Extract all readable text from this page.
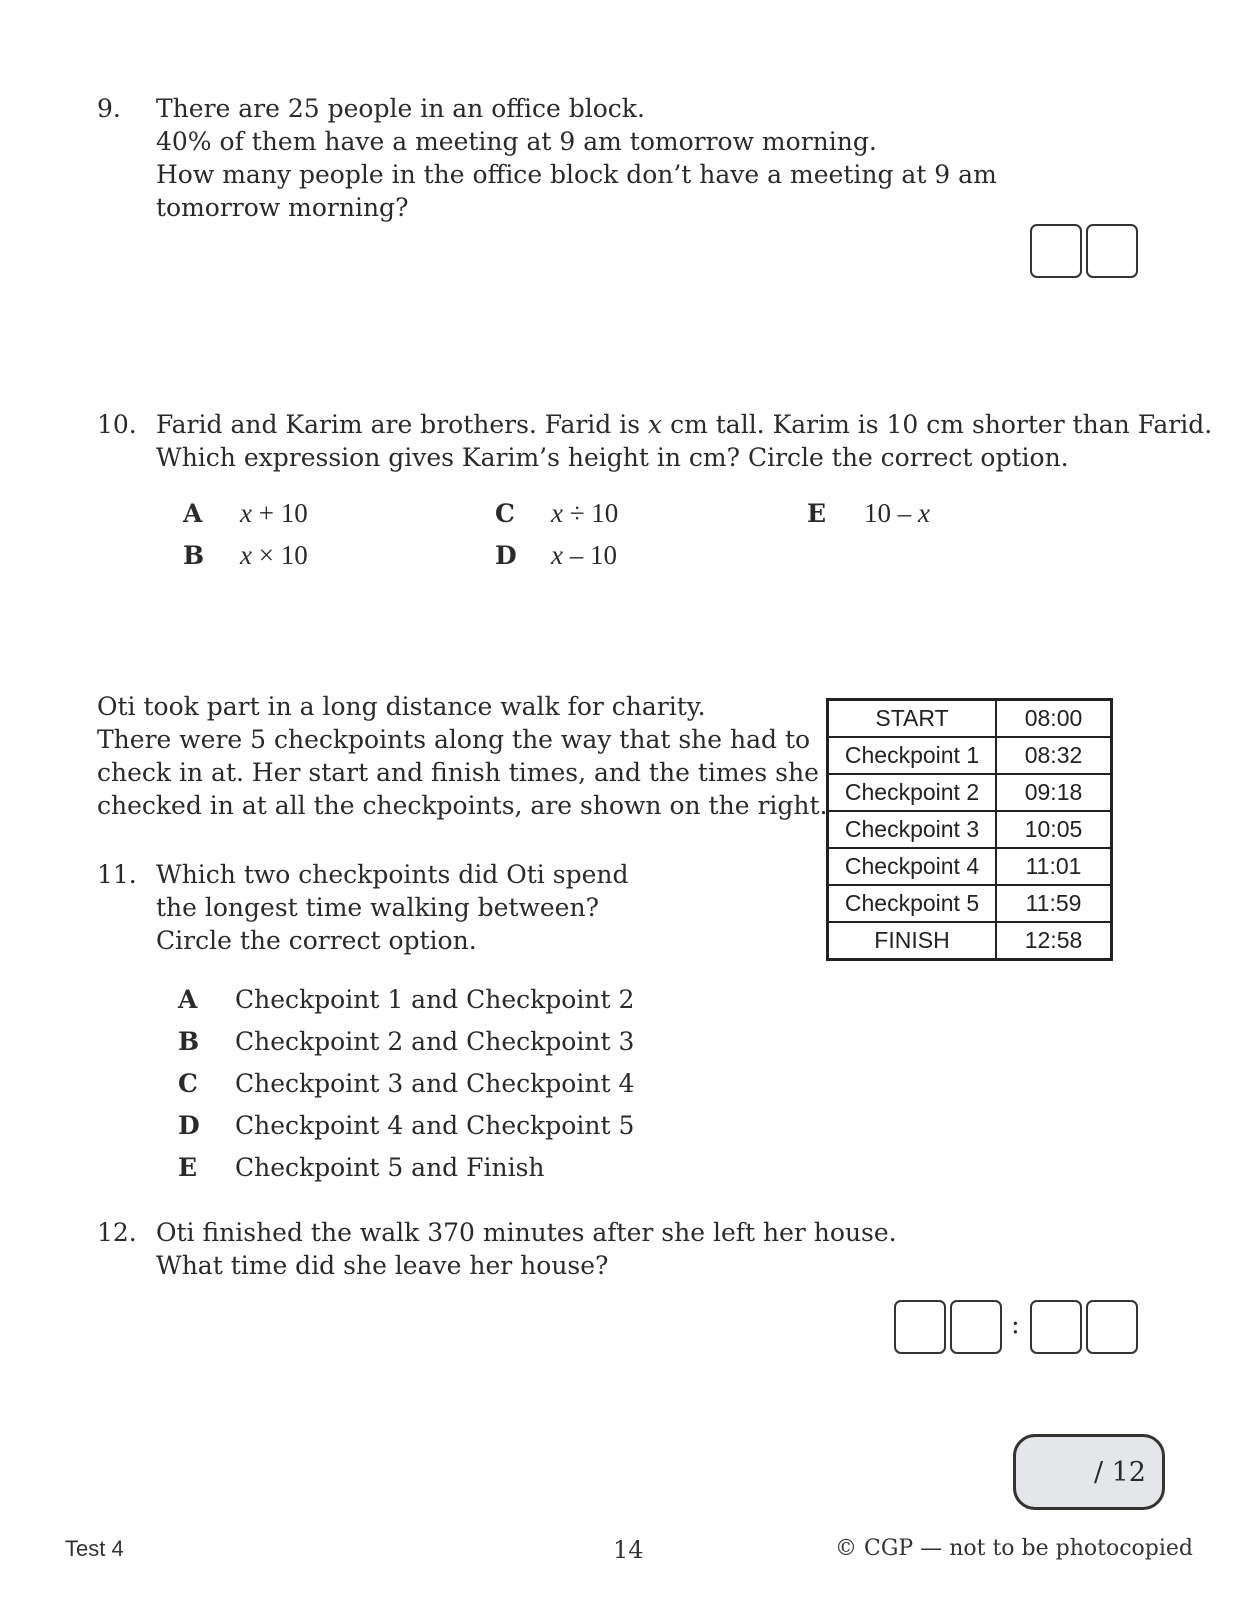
9. There are 25 people in an office block.
40% of them have a meeting at 9 am tomorrow morning.
How many people in the office block don’t have a meeting at 9 am
tomorrow morning?
10. Farid and Karim are brothers. Farid is x cm tall. Karim is 10 cm shorter than Farid.
Which expression gives Karim’s height in cm? Circle the correct option.
A x + 10
B x × 10
C x ÷ 10
D x – 10
E 10 – x
Oti took part in a long distance walk for charity.
There were 5 checkpoints along the way that she had to
check in at. Her start and finish times, and the times she
checked in at all the checkpoints, are shown on the right.
START	08:00
Checkpoint 1	08:32
Checkpoint 2	09:18
Checkpoint 3	10:05
Checkpoint 4	11:01
Checkpoint 5	11:59
FINISH	12:58
11. Which two checkpoints did Oti spend
the longest time walking between?
Circle the correct option.
A Checkpoint 1 and Checkpoint 2
B Checkpoint 2 and Checkpoint 3
C Checkpoint 3 and Checkpoint 4
D Checkpoint 4 and Checkpoint 5
E Checkpoint 5 and Finish
12. Oti finished the walk 370 minutes after she left her house.
What time did she leave her house?
:
/ 12
Test 4	14	© CGP — not to be photocopied
